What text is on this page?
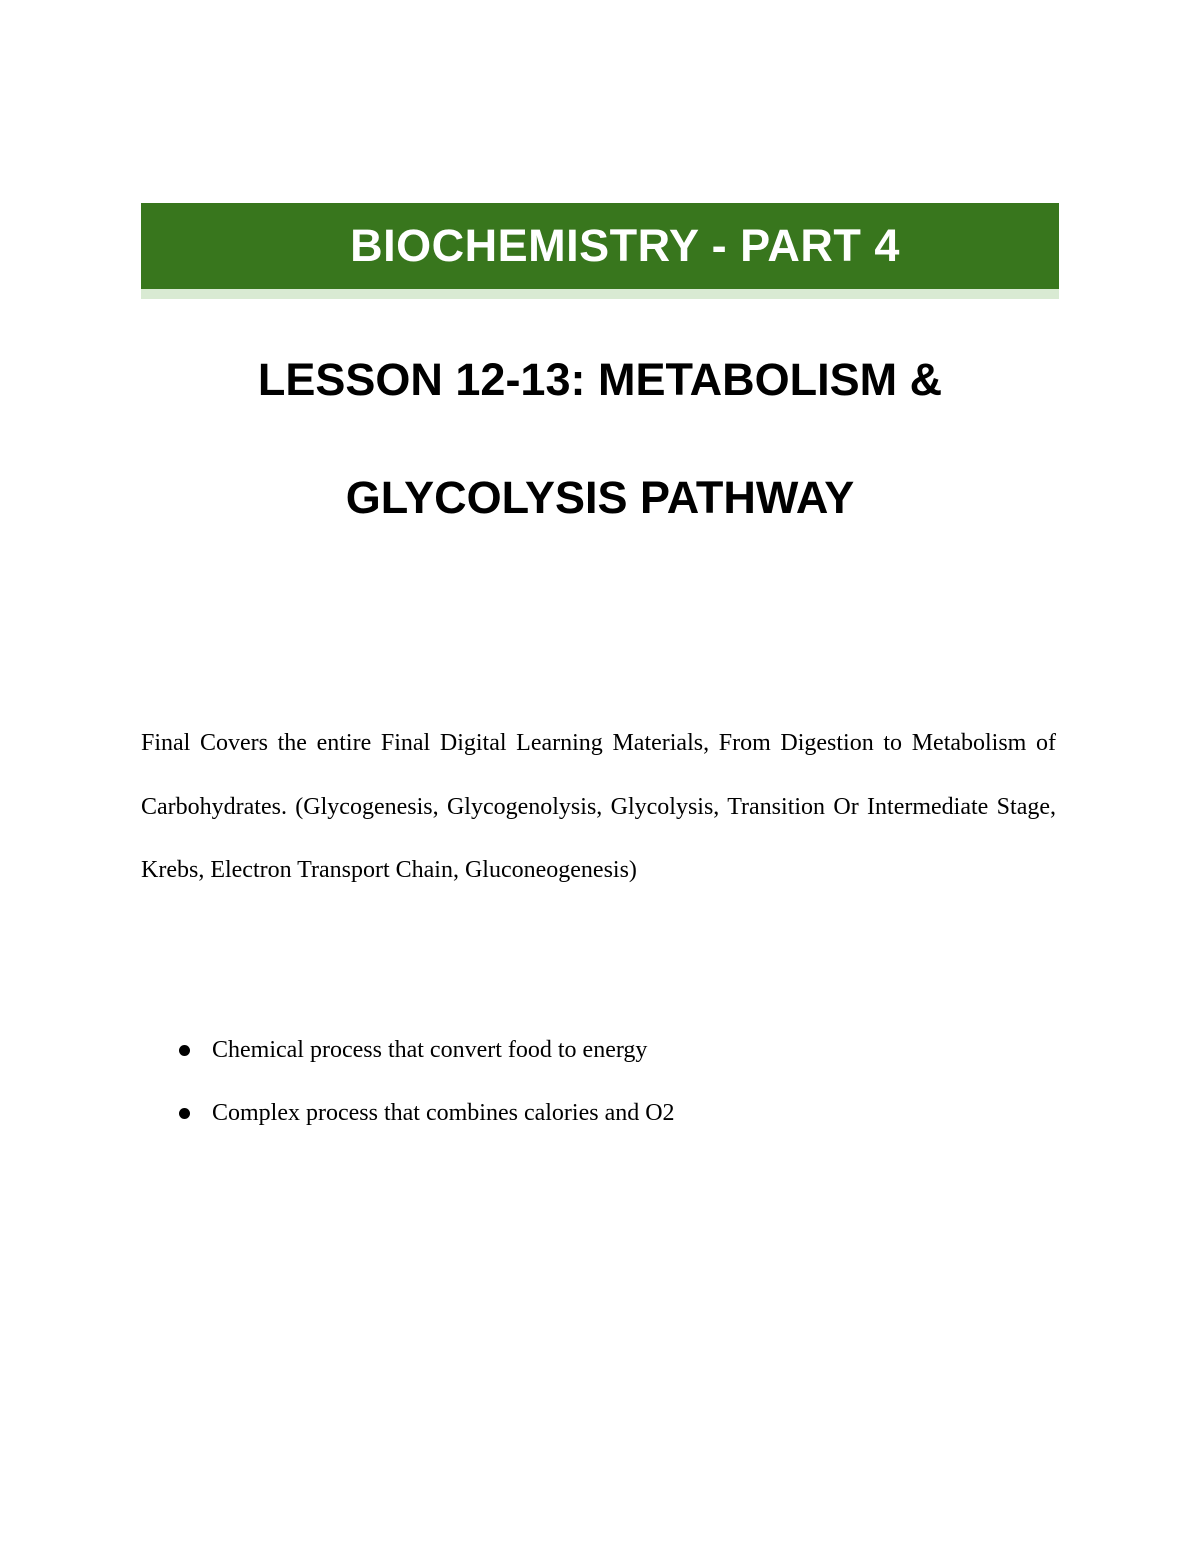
BIOCHEMISTRY - PART 4
LESSON 12-13: METABOLISM &
GLYCOLYSIS PATHWAY

Final Covers the entire Final Digital Learning Materials, From Digestion to Metabolism of Carbohydrates. (Glycogenesis, Glycogenolysis, Glycolysis, Transition Or Intermediate Stage, Krebs, Electron Transport Chain, Gluconeogenesis)

Chemical process that convert food to energy
Complex process that combines calories and O2
